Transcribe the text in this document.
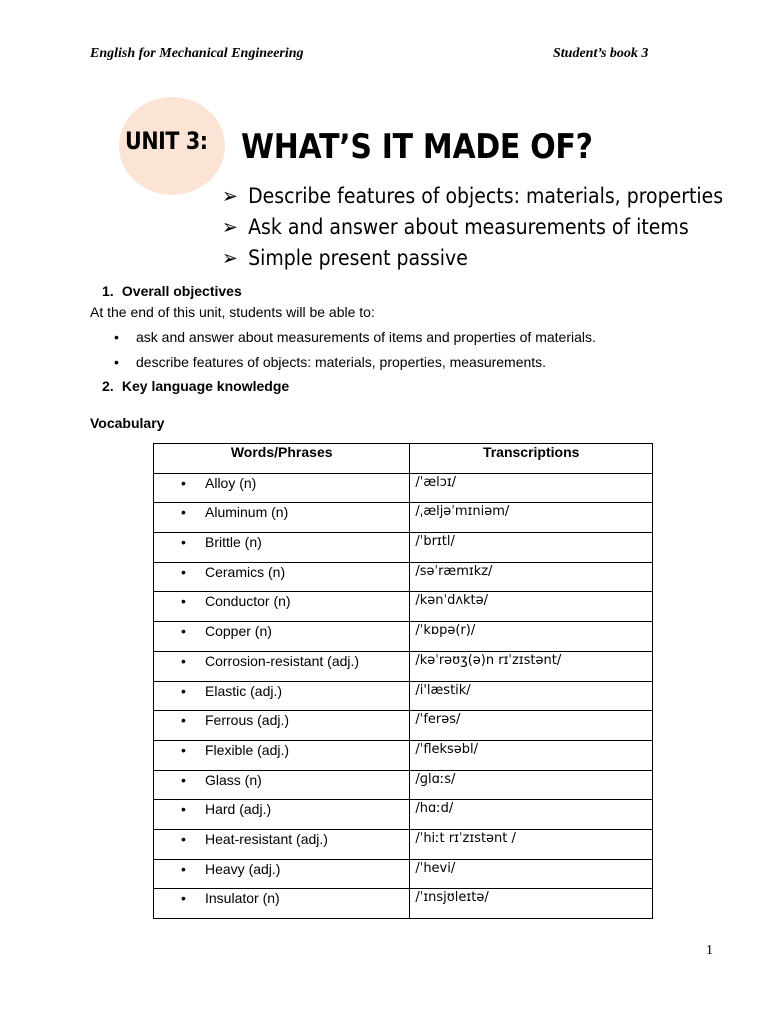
English for Mechanical Engineering	Student’s book 3
UNIT 3: WHAT’S IT MADE OF?
➢ Describe features of objects: materials, properties
➢ Ask and answer about measurements of items
➢ Simple present passive
1. Overall objectives
At the end of this unit, students will be able to:
• ask and answer about measurements of items and properties of materials.
• describe features of objects: materials, properties, measurements.
2. Key language knowledge
Vocabulary
Words/Phrases	Transcriptions
• Alloy (n)	/ˈælɔɪ/
• Aluminum (n)	/ˌæljəˈmɪniəm/
• Brittle (n)	/ˈbrɪtl/
• Ceramics (n)	/səˈræmɪkz/
• Conductor (n)	/kənˈdʌktə/
• Copper (n)	/ˈkɒpə(r)/
• Corrosion-resistant (adj.)	/kəˈrəʊʒ(ə)n rɪˈzɪstənt/
• Elastic (adj.)	/i'læstik/
• Ferrous (adj.)	/ˈferəs/
• Flexible (adj.)	/ˈfleksəbl/
• Glass (n)	/ɡlɑːs/
• Hard (adj.)	/hɑːd/
• Heat-resistant (adj.)	/ˈhiːt rɪˈzɪstənt /
• Heavy (adj.)	/ˈhevi/
• Insulator (n)	/ˈɪnsjʊleɪtə/
1
